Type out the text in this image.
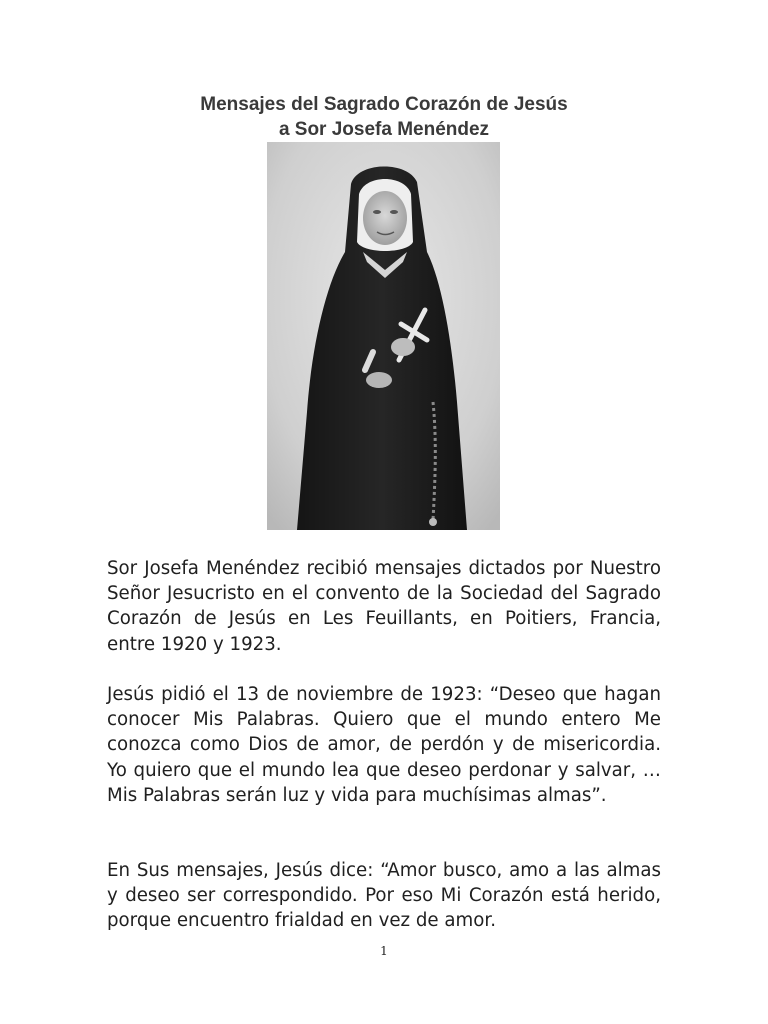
Mensajes del Sagrado Corazón de Jesús
a Sor Josefa Menéndez

Sor Josefa Menéndez recibió mensajes dictados por Nuestro Señor Jesucristo en el convento de la Sociedad del Sagrado Corazón de Jesús en Les Feuillants, en Poitiers, Francia, entre 1920 y 1923.

Jesús pidió el 13 de noviembre de 1923: “Deseo que hagan conocer Mis Palabras. Quiero que el mundo entero Me conozca como Dios de amor, de perdón y de misericordia. Yo quiero que el mundo lea que deseo perdonar y salvar, … Mis Palabras serán luz y vida para muchísimas almas”.

En Sus mensajes, Jesús dice: “Amor busco, amo a las almas y deseo ser correspondido. Por eso Mi Corazón está herido, porque encuentro frialdad en vez de amor.

1
